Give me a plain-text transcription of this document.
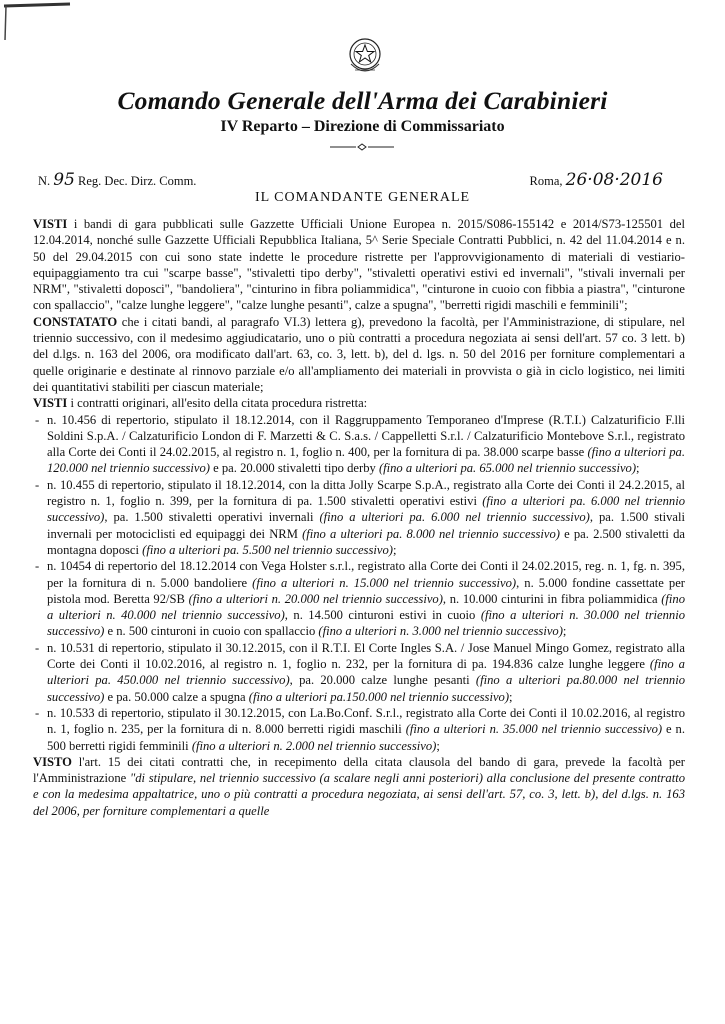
Comando Generale dell'Arma dei Carabinieri
IV Reparto – Direzione di Commissariato
N. 95 Reg. Dec. Dirz. Comm.	Roma, 26·08·2016
IL COMANDANTE GENERALE

VISTI i bandi di gara pubblicati sulle Gazzette Ufficiali Unione Europea n. 2015/S086-155142 e 2014/S73-125501 del 12.04.2014, nonché sulle Gazzette Ufficiali Repubblica Italiana, 5^ Serie Speciale Contratti Pubblici, n. 42 del 11.04.2014 e n. 50 del 29.04.2015 con cui sono state indette le procedure ristrette per l'approvvigionamento di materiali di vestiario-equipaggiamento tra cui "scarpe basse", "stivaletti tipo derby", "stivaletti operativi estivi ed invernali", "stivali invernali per NRM", "stivaletti doposci", "bandoliera", "cinturino in fibra poliammidica", "cinturone in cuoio con fibbia a piastra", "cinturone con spallaccio", "calze lunghe leggere", "calze lunghe pesanti", calze a spugna", "berretti rigidi maschili e femminili";

CONSTATATO che i citati bandi, al paragrafo VI.3) lettera g), prevedono la facoltà, per l'Amministrazione, di stipulare, nel triennio successivo, con il medesimo aggiudicatario, uno o più contratti a procedura negoziata ai sensi dell'art. 57 co. 3 lett. b) del d.lgs. n. 163 del 2006, ora modificato dall'art. 63, co. 3, lett. b), del d. lgs. n. 50 del 2016 per forniture complementari a quelle originarie e destinate al rinnovo parziale e/o all'ampliamento dei materiali in provvista o già in ciclo logistico, nei limiti dei quantitativi stabiliti per ciascun materiale;

VISTI i contratti originari, all'esito della citata procedura ristretta:

- n. 10.456 di repertorio, stipulato il 18.12.2014, con il Raggruppamento Temporaneo d'Imprese (R.T.I.) Calzaturificio F.lli Soldini S.p.A. / Calzaturificio London di F. Marzetti & C. S.a.s. / Cappelletti S.r.l. / Calzaturificio Montebove S.r.l., registrato alla Corte dei Conti il 24.02.2015, al registro n. 1, foglio n. 400, per la fornitura di pa. 38.000 scarpe basse (fino a ulteriori pa. 120.000 nel triennio successivo) e pa. 20.000 stivaletti tipo derby (fino a ulteriori pa. 65.000 nel triennio successivo);
- n. 10.455 di repertorio, stipulato il 18.12.2014, con la ditta Jolly Scarpe S.p.A., registrato alla Corte dei Conti il 24.2.2015, al registro n. 1, foglio n. 399, per la fornitura di pa. 1.500 stivaletti operativi estivi (fino a ulteriori pa. 6.000 nel triennio successivo), pa. 1.500 stivaletti operativi invernali (fino a ulteriori pa. 6.000 nel triennio successivo), pa. 1.500 stivali invernali per motociclisti ed equipaggi dei NRM (fino a ulteriori pa. 8.000 nel triennio successivo) e pa. 2.500 stivaletti da montagna doposci (fino a ulteriori pa. 5.500 nel triennio successivo);
- n. 10454 di repertorio del 18.12.2014 con Vega Holster s.r.l., registrato alla Corte dei Conti il 24.02.2015, reg. n. 1, fg. n. 395, per la fornitura di n. 5.000 bandoliere (fino a ulteriori n. 15.000 nel triennio successivo), n. 5.000 fondine cassettate per pistola mod. Beretta 92/SB (fino a ulteriori n. 20.000 nel triennio successivo), n. 10.000 cinturini in fibra poliammidica (fino a ulteriori n. 40.000 nel triennio successivo), n. 14.500 cinturoni estivi in cuoio (fino a ulteriori n. 30.000 nel triennio successivo) e n. 500 cinturoni in cuoio con spallaccio (fino a ulteriori n. 3.000 nel triennio successivo);
- n. 10.531 di repertorio, stipulato il 30.12.2015, con il R.T.I. El Corte Ingles S.A. / Jose Manuel Mingo Gomez, registrato alla Corte dei Conti il 10.02.2016, al registro n. 1, foglio n. 232, per la fornitura di pa. 194.836 calze lunghe leggere (fino a ulteriori pa. 450.000 nel triennio successivo), pa. 20.000 calze lunghe pesanti (fino a ulteriori pa.80.000 nel triennio successivo) e pa. 50.000 calze a spugna (fino a ulteriori pa.150.000 nel triennio successivo);
- n. 10.533 di repertorio, stipulato il 30.12.2015, con La.Bo.Conf. S.r.l., registrato alla Corte dei Conti il 10.02.2016, al registro n. 1, foglio n. 235, per la fornitura di n. 8.000 berretti rigidi maschili (fino a ulteriori n. 35.000 nel triennio successivo) e n. 500 berretti rigidi femminili (fino a ulteriori n. 2.000 nel triennio successivo);

VISTO l'art. 15 dei citati contratti che, in recepimento della citata clausola del bando di gara, prevede la facoltà per l'Amministrazione "di stipulare, nel triennio successivo (a scalare negli anni posteriori) alla conclusione del presente contratto e con la medesima appaltatrice, uno o più contratti a procedura negoziata, ai sensi dell'art. 57, co. 3, lett. b), del d.lgs. n. 163 del 2006, per forniture complementari a quelle
